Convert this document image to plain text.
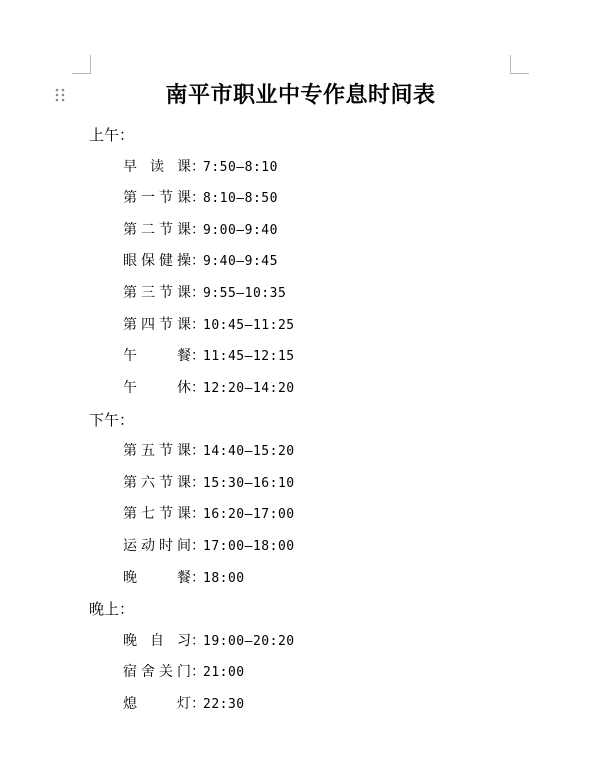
南平市职业中专作息时间表
上午：
早读课：7:50—8:10
第一节课：8:10—8:50
第二节课：9:00—9:40
眼保健操：9:40—9:45
第三节课：9:55—10:35
第四节课：10:45—11:25
午餐：11:45—12:15
午休：12:20—14:20
下午：
第五节课：14:40—15:20
第六节课：15:30—16:10
第七节课：16:20—17:00
运动时间：17:00—18:00
晚餐：18:00
晚上：
晚自习：19:00—20:20
宿舍关门：21:00
熄灯：22:30
